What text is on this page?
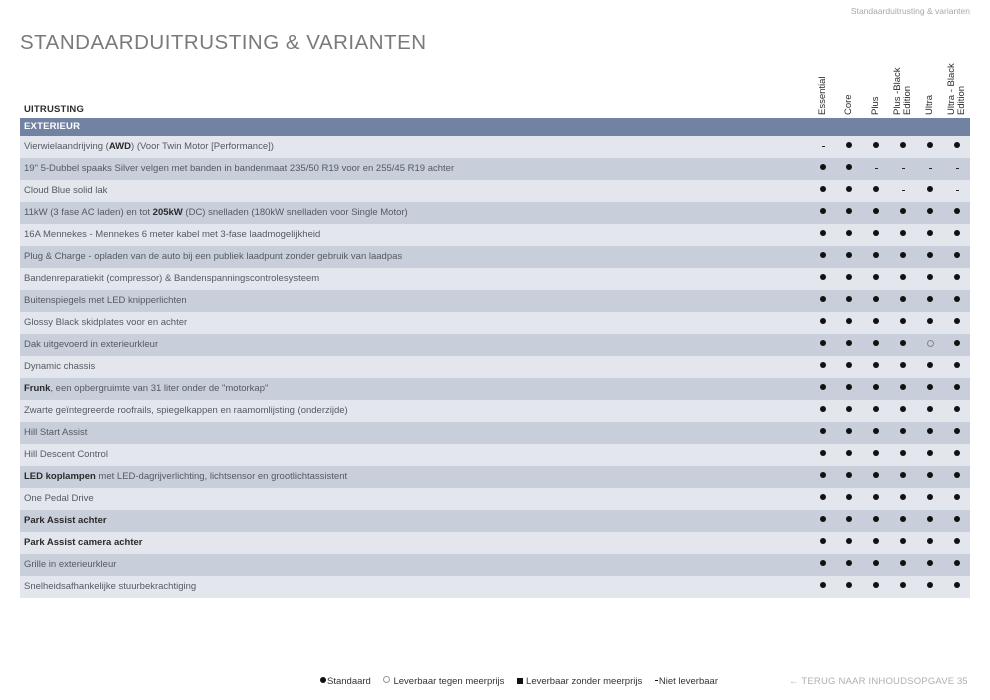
Standaarduitrusting & varianten
STANDAARDUITRUSTING & VARIANTEN
UITRUSTING	Essential Core Plus Plus -Black Edition Ultra Ultra - Black Edition
EXTERIEUR
Vierwielaandrijving (AWD) (Voor Twin Motor [Performance])
19" 5-Dubbel spaaks Silver velgen met banden in bandenmaat 235/50 R19 voor en 255/45 R19 achter
Cloud Blue solid lak
11kW (3 fase AC laden) en tot 205kW (DC) snelladen (180kW snelladen voor Single Motor)
16A Mennekes - Mennekes 6 meter kabel met 3-fase laadmogelijkheid
Plug & Charge - opladen van de auto bij een publiek laadpunt zonder gebruik van laadpas
Bandenreparatiekit (compressor) & Bandenspanningscontrolesysteem
Buitenspiegels met LED knipperlichten
Glossy Black skidplates voor en achter
Dak uitgevoerd in exterieurkleur
Dynamic chassis
Frunk, een opbergruimte van 31 liter onder de "motorkap"
Zwarte geïntegreerde roofrails, spiegelkappen en raamomlijsting (onderzijde)
Hill Start Assist
Hill Descent Control
LED koplampen met LED-dagrijverlichting, lichtsensor en grootlichtassistent
One Pedal Drive
Park Assist achter
Park Assist camera achter
Grille in exterieurkleur
Snelheidsafhankelijke stuurbekrachtiging
Standaard Leverbaar tegen meerprijs Leverbaar zonder meerprijs Niet leverbaar	← TERUG NAAR INHOUDSOPGAVE 35
